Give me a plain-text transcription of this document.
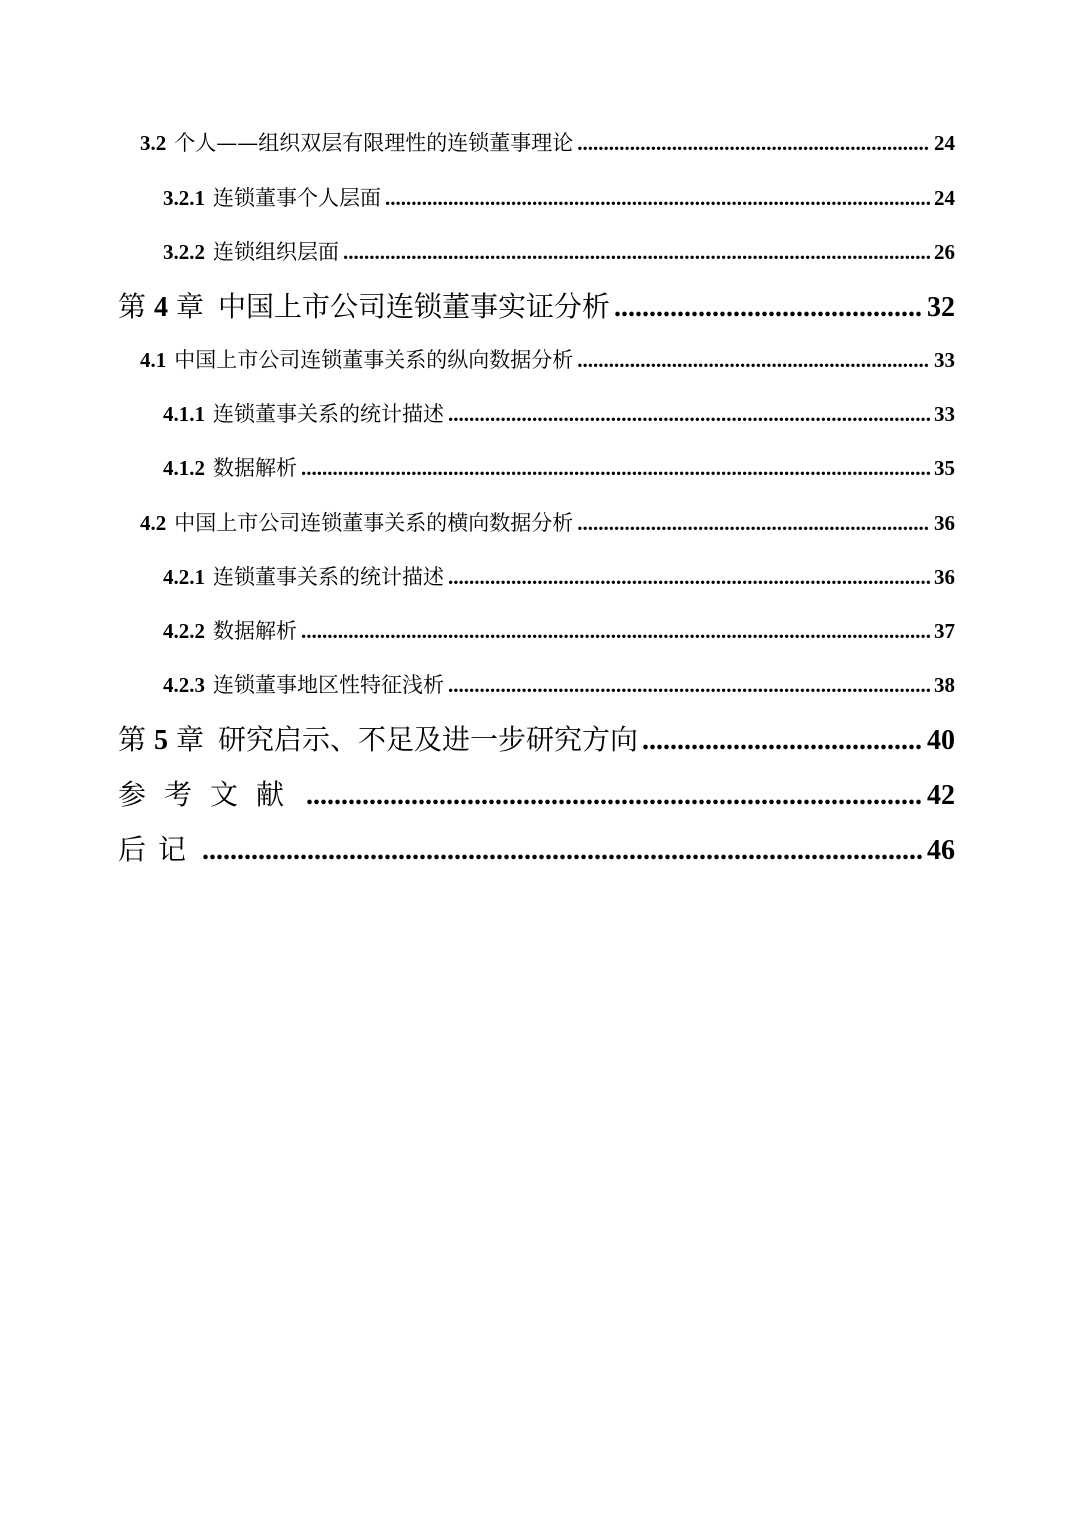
3.2 个人——组织双层有限理性的连锁董事理论 .....	24
3.2.1 连锁董事个人层面 .....	24
3.2.2 连锁组织层面 .....	26
第 4 章 中国上市公司连锁董事实证分析 .....	32
4.1 中国上市公司连锁董事关系的纵向数据分析 .....	33
4.1.1 连锁董事关系的统计描述 .....	33
4.1.2 数据解析 .....	35
4.2 中国上市公司连锁董事关系的横向数据分析 .....	36
4.2.1 连锁董事关系的统计描述 .....	36
4.2.2 数据解析 .....	37
4.2.3 连锁董事地区性特征浅析 .....	38
第 5 章 研究启示、不足及进一步研究方向 .....	40
参考文献 .....	42
后记 .....	46
